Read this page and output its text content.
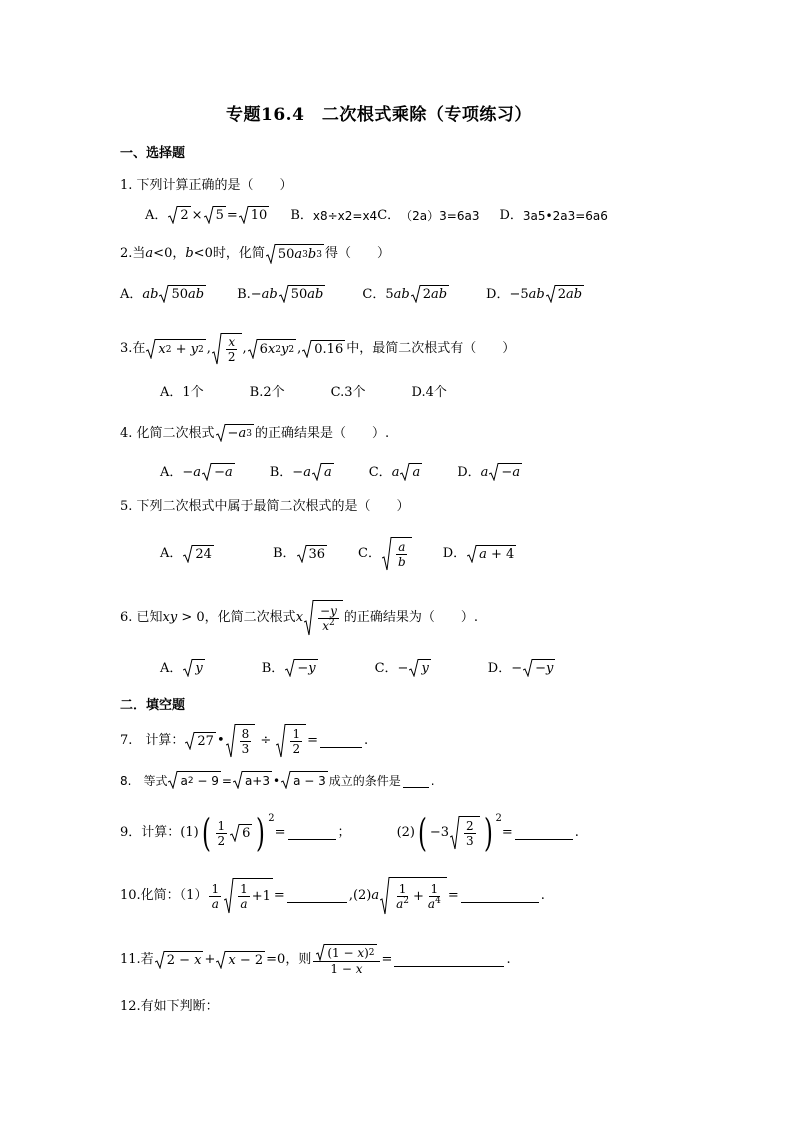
专题16.4　二次根式乘除（专项练习）
一、选择题
1. 下列计算正确的是（　　）
A． 2 × 5 = 10 B． x8÷x2=x4 C． （2a）3=6a3 D． 3a5•2a3=6a6
2.当 a <0， b <0时，化简 50 a 3 b 3 得（　　）
A． ab 50 ab	B.− ab 50 ab	C． 5ab 2 ab	D． −5ab 2 ab
3.在 x 2 + y 2 , x
2
, 6 x 2 y 2 , 0.16 中，最简二次根式有（　　）
A．1个	B.2个	C.3个	D.4个
4. 化简二次根式 − a 3 的正确结果是（　　）.
A． −a − a	B． −a a	C． a a	D． a − a
5. 下列二次根式中属于最简二次根式的是（　　）
A． 24	B． 36	C． a
b
D． a + 4
6. 已知 xy > 0 ，化简二次根式 x −y
$x^2$ 的正确结果为（　　）.
A． y	B． − y	C． − y	D． − − y
二．填空题
7.　计算： 27 • 8
3
÷ 1
2
=	.
8.　等式 a 2 − 9 = a+3 • a − 3 成立的条件是	.
9．计算：(1) ( 1
2 6 ) 2
=	；	(2) ( −3 2
3 ) 2
=	.
10.化简：（1） 1
a
1
a
+1 =	,(2) a 1
$a^2 + 1$
$a^4$ =	.
11.若 2 − x + x − 2 =0，则 $\frac{(1 - x ) 2}{1 - x}$ =	.
12.有如下判断：
